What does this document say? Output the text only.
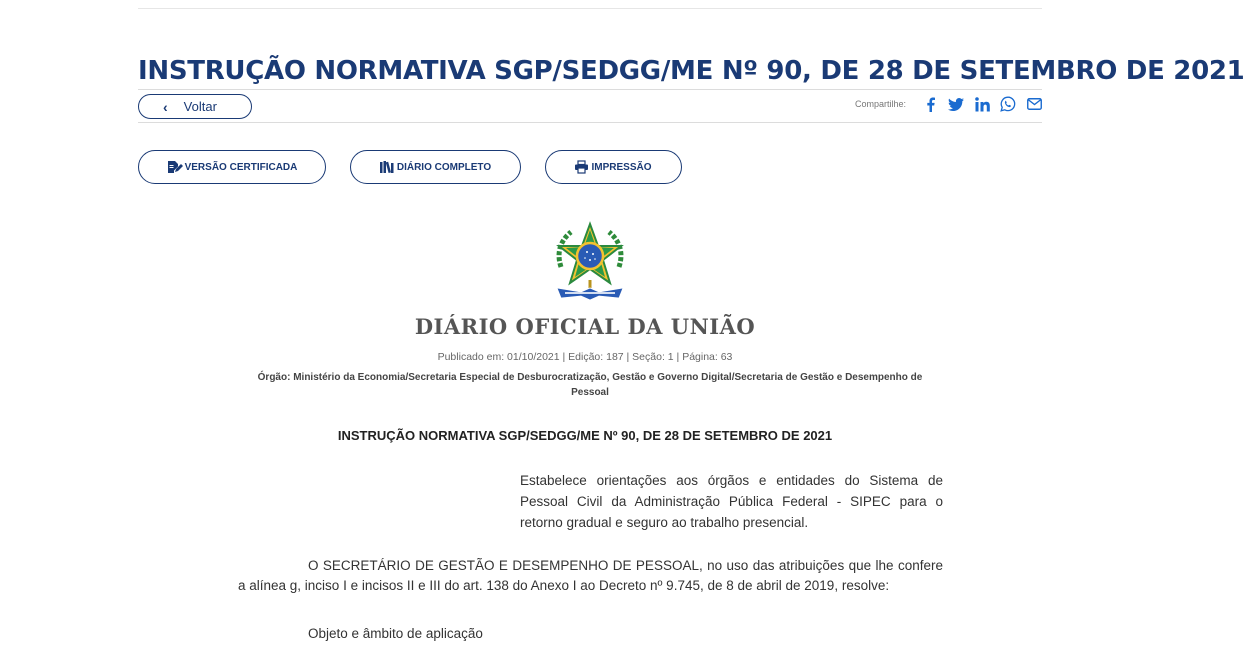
INSTRUÇÃO NORMATIVA SGP/SEDGG/ME Nº 90, DE 28 DE SETEMBRO DE 2021
‹ Voltar	Compartilhe:
VERSÃO CERTIFICADA	DIÁRIO COMPLETO	IMPRESSÃO
DIÁRIO OFICIAL DA UNIÃO
Publicado em: 01/10/2021 | Edição: 187 | Seção: 1 | Página: 63
Órgão: Ministério da Economia/Secretaria Especial de Desburocratização, Gestão e Governo Digital/Secretaria de Gestão e Desempenho de Pessoal
INSTRUÇÃO NORMATIVA SGP/SEDGG/ME Nº 90, DE 28 DE SETEMBRO DE 2021
Estabelece orientações aos órgãos e entidades do Sistema de Pessoal Civil da Administração Pública Federal - SIPEC para o retorno gradual e seguro ao trabalho presencial.
O SECRETÁRIO DE GESTÃO E DESEMPENHO DE PESSOAL, no uso das atribuições que lhe confere a alínea g, inciso I e incisos II e III do art. 138 do Anexo I ao Decreto nº 9.745, de 8 de abril de 2019, resolve:
Objeto e âmbito de aplicação
